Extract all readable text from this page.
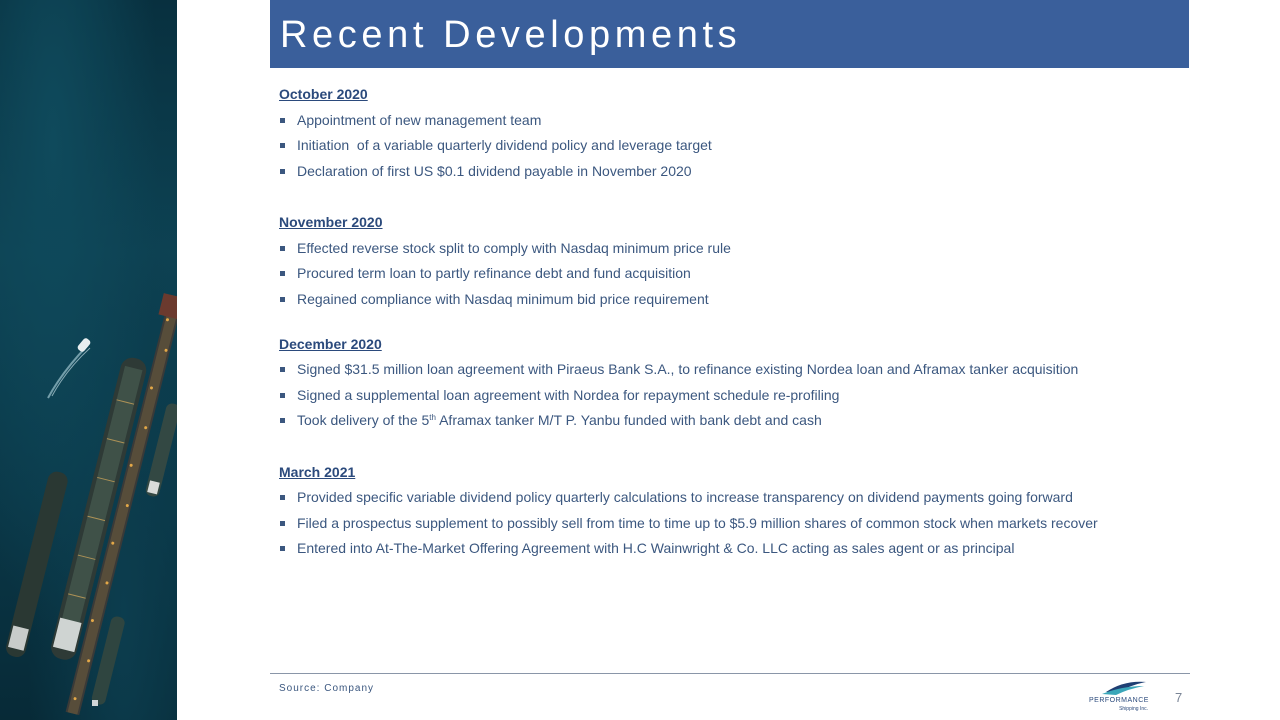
Recent Developments
October 2020
Appointment of new management team
Initiation  of a variable quarterly dividend policy and leverage target
Declaration of first US $0.1 dividend payable in November 2020
November 2020
Effected reverse stock split to comply with Nasdaq minimum price rule
Procured term loan to partly refinance debt and fund acquisition
Regained compliance with Nasdaq minimum bid price requirement
December 2020
Signed $31.5 million loan agreement with Piraeus Bank S.A., to refinance existing Nordea loan and Aframax tanker acquisition
Signed a supplemental loan agreement with Nordea for repayment schedule re-profiling
Took delivery of the 5th Aframax tanker M/T P. Yanbu funded with bank debt and cash
March 2021
Provided specific variable dividend policy quarterly calculations to increase transparency on dividend payments going forward
Filed a prospectus supplement to possibly sell from time to time up to $5.9 million shares of common stock when markets recover
Entered into At-The-Market Offering Agreement with H.C Wainwright & Co. LLC acting as sales agent or as principal
Source: Company
PERFORMANCE
Shipping Inc.
7
